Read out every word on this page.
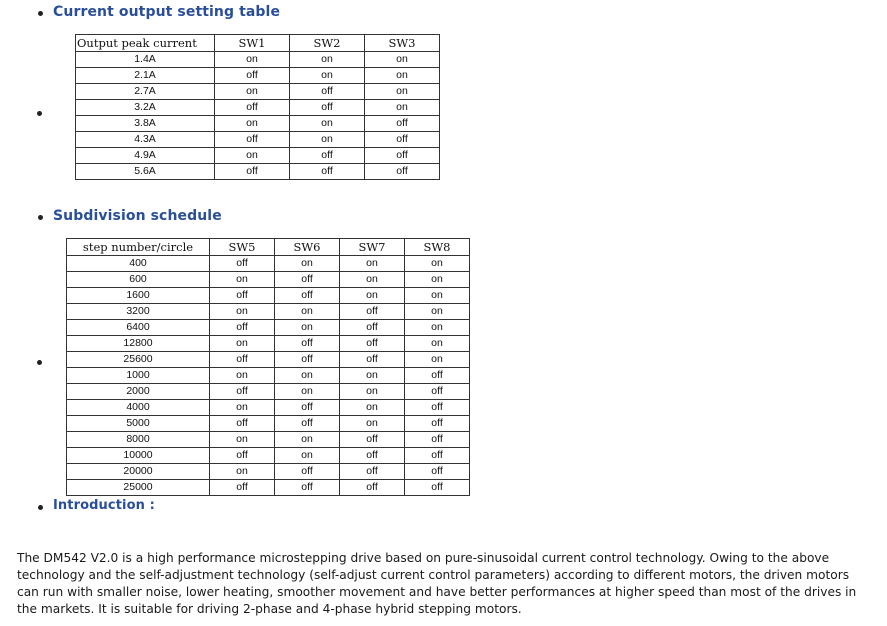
Current output setting table
Output peak current	SW1	SW2	SW3
1.4A	on	on	on
2.1A	off	on	on
2.7A	on	off	on
3.2A	off	off	on
3.8A	on	on	off
4.3A	off	on	off
4.9A	on	off	off
5.6A	off	off	off
Subdivision schedule
step number/circle	SW5	SW6	SW7	SW8
400	off	on	on	on
600	on	off	on	on
1600	off	off	on	on
3200	on	on	off	on
6400	off	on	off	on
12800	on	off	off	on
25600	off	off	off	on
1000	on	on	on	off
2000	off	on	on	off
4000	on	off	on	off
5000	off	off	on	off
8000	on	on	off	off
10000	off	on	off	off
20000	on	off	off	off
25000	off	off	off	off
Introduction :

The DM542 V2.0 is a high performance microstepping drive based on pure-sinusoidal current control technology. Owing to the above technology and the self-adjustment technology (self-adjust current control parameters) according to different motors, the driven motors can run with smaller noise, lower heating, smoother movement and have better performances at higher speed than most of the drives in the markets. It is suitable for driving 2-phase and 4-phase hybrid stepping motors.
